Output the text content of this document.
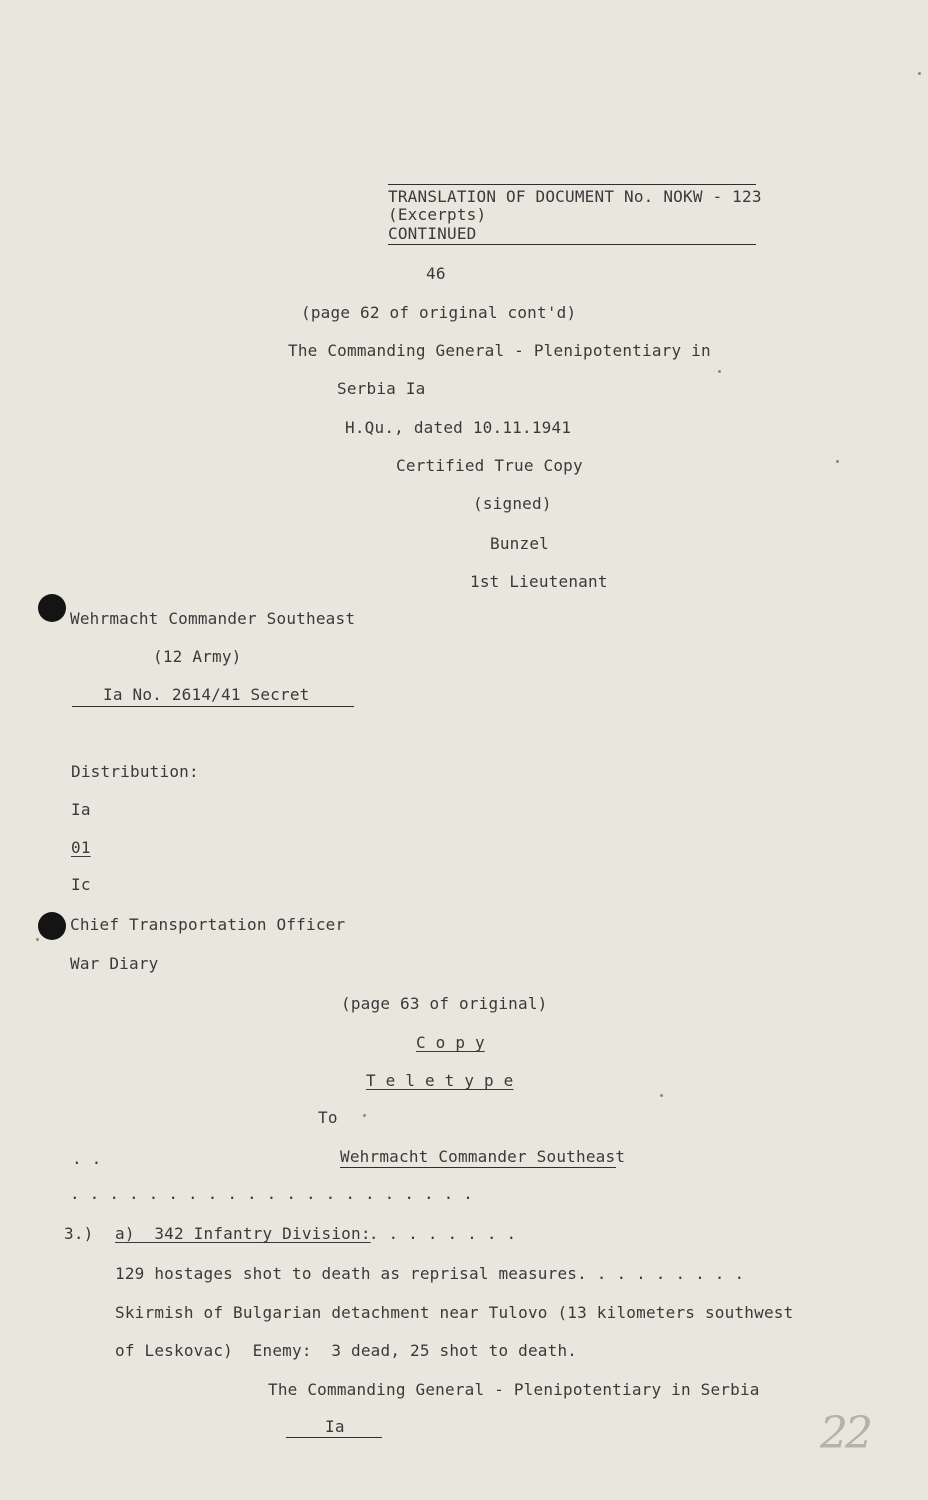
TRANSLATION OF DOCUMENT No. NOKW - 123
(Excerpts)
CONTINUED
46
(page 62 of original cont'd)
The Commanding General - Plenipotentiary in
Serbia Ia
H.Qu., dated 10.11.1941
Certified True Copy
(signed)
Bunzel
1st Lieutenant
Wehrmacht Commander Southeast
(12 Army)
Ia No. 2614/41 Secret
Distribution:
Ia
01
Ic
Chief Transportation Officer
War Diary
(page 63 of original)
C o p y
T e l e t y p e
To
. .	Wehrmacht Commander Southeast
. . . . . . . . . . . . . . . . . . . . .
3.) a)  342 Infantry Division:
. . . . . . . .
129 hostages shot to death as reprisal measures. . . . . . . . .
Skirmish of Bulgarian detachment near Tulovo (13 kilometers southwest
of Leskovac)  Enemy:  3 dead, 25 shot to death.
The Commanding General - Plenipotentiary in Serbia
Ia	22
